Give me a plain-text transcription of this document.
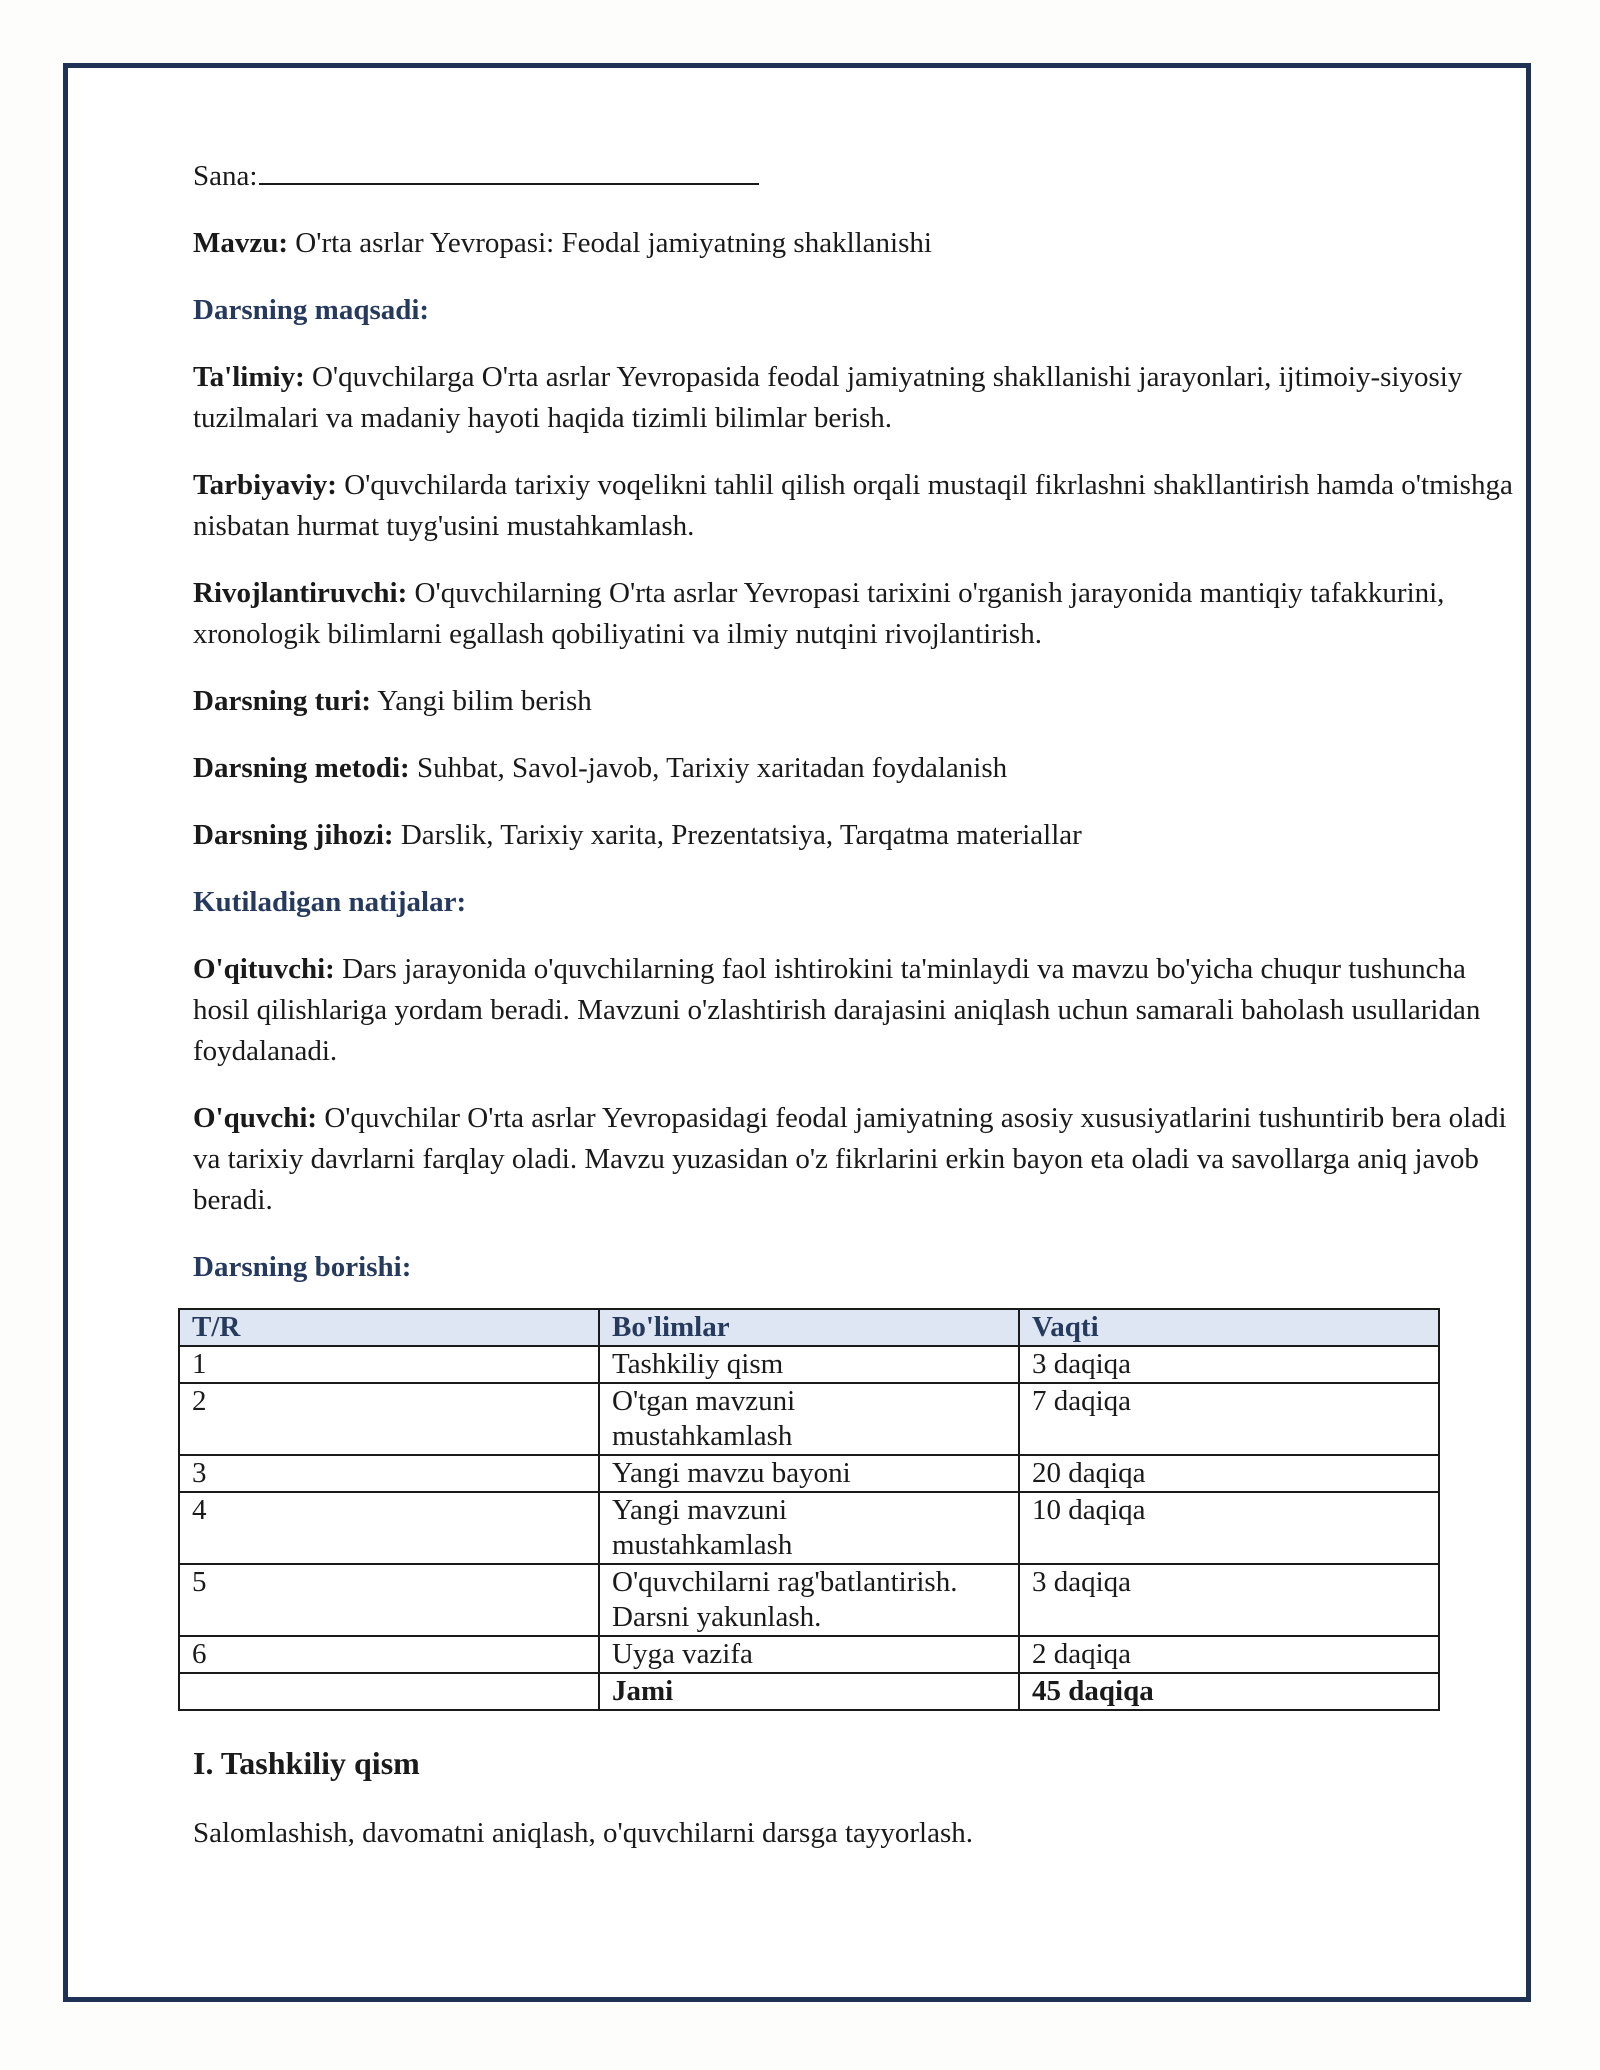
Sana:

Mavzu: O'rta asrlar Yevropasi: Feodal jamiyatning shakllanishi

Darsning maqsadi:

Ta'limiy: O'quvchilarga O'rta asrlar Yevropasida feodal jamiyatning shakllanishi jarayonlari, ijtimoiy-siyosiy tuzilmalari va madaniy hayoti haqida tizimli bilimlar berish.

Tarbiyaviy: O'quvchilarda tarixiy voqelikni tahlil qilish orqali mustaqil fikrlashni shakllantirish hamda o'tmishga nisbatan hurmat tuyg'usini mustahkamlash.

Rivojlantiruvchi: O'quvchilarning O'rta asrlar Yevropasi tarixini o'rganish jarayonida mantiqiy tafakkurini, xronologik bilimlarni egallash qobiliyatini va ilmiy nutqini rivojlantirish.

Darsning turi: Yangi bilim berish

Darsning metodi: Suhbat, Savol-javob, Tarixiy xaritadan foydalanish

Darsning jihozi: Darslik, Tarixiy xarita, Prezentatsiya, Tarqatma materiallar

Kutiladigan natijalar:

O'qituvchi: Dars jarayonida o'quvchilarning faol ishtirokini ta'minlaydi va mavzu bo'yicha chuqur tushuncha hosil qilishlariga yordam beradi. Mavzuni o'zlashtirish darajasini aniqlash uchun samarali baholash usullaridan foydalanadi.

O'quvchi: O'quvchilar O'rta asrlar Yevropasidagi feodal jamiyatning asosiy xususiyatlarini tushuntirib bera oladi va tarixiy davrlarni farqlay oladi. Mavzu yuzasidan o'z fikrlarini erkin bayon eta oladi va savollarga aniq javob beradi.

Darsning borishi:

T/R	Bo'limlar	Vaqti
1	Tashkiliy qism	3 daqiqa
2	O'tgan mavzuni mustahkamlash	7 daqiqa
3	Yangi mavzu bayoni	20 daqiqa
4	Yangi mavzuni mustahkamlash	10 daqiqa
5	O'quvchilarni rag'batlantirish. Darsni yakunlash.	3 daqiqa
6	Uyga vazifa	2 daqiqa
	Jami	45 daqiqa
I. Tashkiliy qism

Salomlashish, davomatni aniqlash, o'quvchilarni darsga tayyorlash.
